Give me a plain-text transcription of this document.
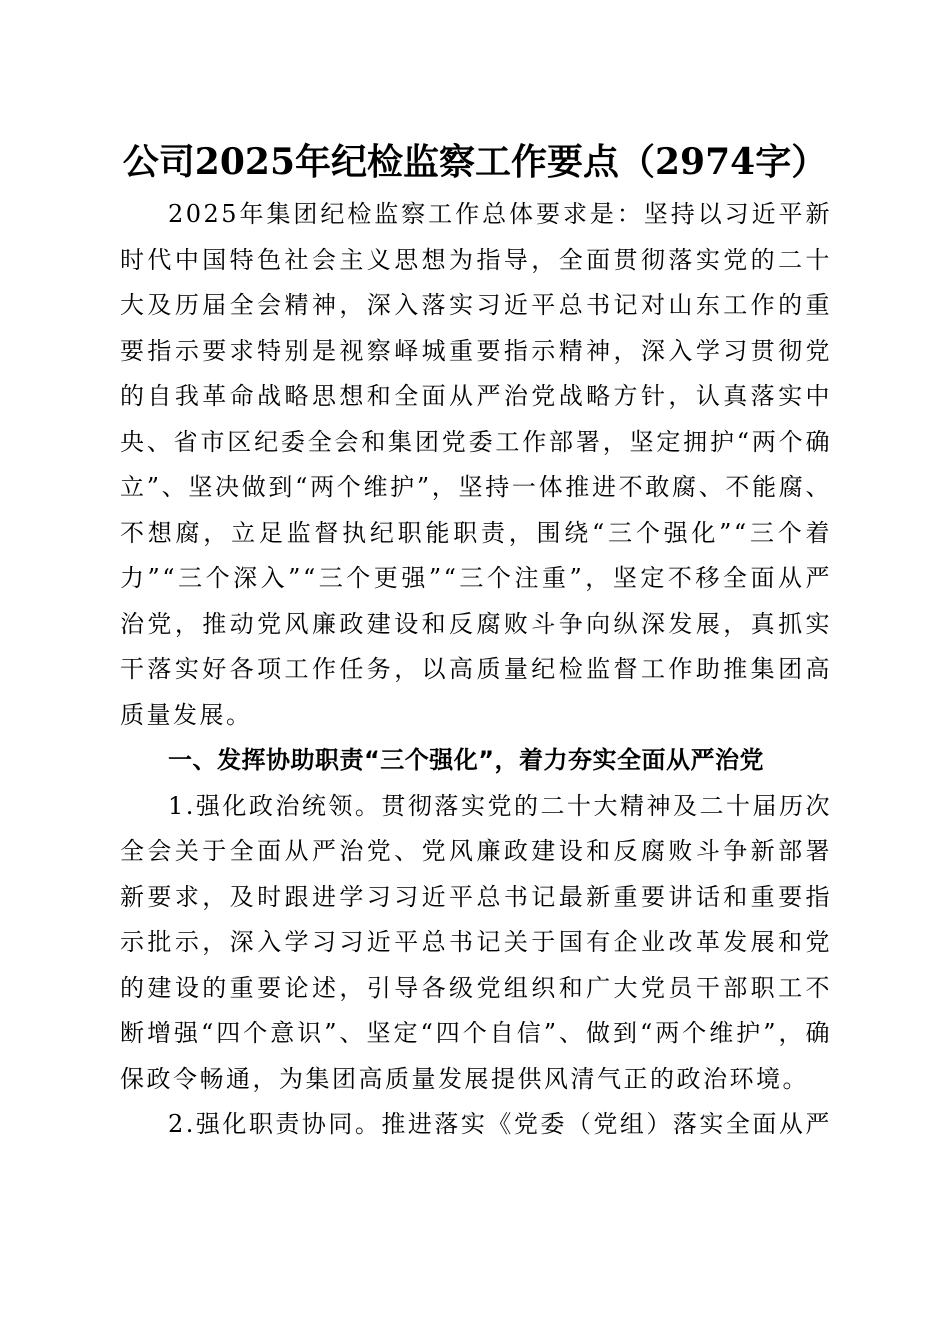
公司2025年纪检监察工作要点（2974字）

2025年集团纪检监察工作总体要求是：坚持以习近平新时代中国特色社会主义思想为指导，全面贯彻落实党的二十大及历届全会精神，深入落实习近平总书记对山东工作的重要指示要求特别是视察峄城重要指示精神，深入学习贯彻党的自我革命战略思想和全面从严治党战略方针，认真落实中央、省市区纪委全会和集团党委工作部署，坚定拥护“两个确立”、坚决做到“两个维护”，坚持一体推进不敢腐、不能腐、不想腐，立足监督执纪职能职责，围绕“三个强化”“三个着力”“三个深入”“三个更强”“三个注重”，坚定不移全面从严治党，推动党风廉政建设和反腐败斗争向纵深发展，真抓实干落实好各项工作任务，以高质量纪检监督工作助推集团高质量发展。

一、发挥协助职责“三个强化”，着力夯实全面从严治党

1.强化政治统领。贯彻落实党的二十大精神及二十届历次全会关于全面从严治党、党风廉政建设和反腐败斗争新部署新要求，及时跟进学习习近平总书记最新重要讲话和重要指示批示，深入学习习近平总书记关于国有企业改革发展和党的建设的重要论述，引导各级党组织和广大党员干部职工不断增强“四个意识”、坚定“四个自信”、做到“两个维护”，确保政令畅通，为集团高质量发展提供风清气正的政治环境。

2.强化职责协同。推进落实《党委（党组）落实全面从严
